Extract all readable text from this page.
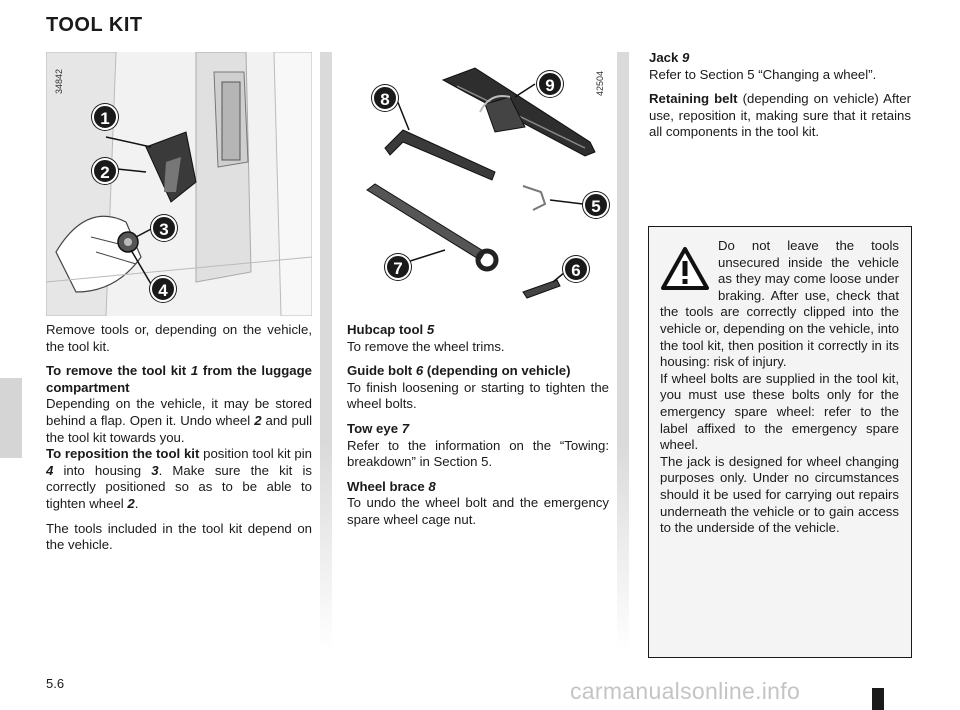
TOOL KIT
34842
1
2
3
4
42504
8
9
5
7	6

Remove tools or, depending on the vehicle, the tool kit.

To remove the tool kit 1 from the luggage compartment
Depending on the vehicle, it may be stored behind a flap. Open it. Undo wheel 2 and pull the tool kit towards you.
To reposition the tool kit position tool kit pin 4 into housing 3. Make sure the kit is correctly positioned so as to be able to tighten wheel 2.

The tools included in the tool kit depend on the vehicle.

Hubcap tool 5
To remove the wheel trims.

Guide bolt 6 (depending on vehicle)
To finish loosening or starting to tighten the wheel bolts.

Tow eye 7
Refer to the information on the “Towing: breakdown” in Section 5.

Wheel brace 8
To undo the wheel bolt and the emergency spare wheel cage nut.

Jack 9
Refer to Section 5 “Changing a wheel”.

Retaining belt (depending on vehicle) After use, reposition it, making sure that it retains all components in the tool kit.

Do not leave the tools unsecured inside the vehicle as they may come loose under braking. After use, check that the tools are correctly clipped into the vehicle or, depending on the vehicle, into the tool kit, then position it correctly in its housing: risk of injury.

If wheel bolts are supplied in the tool kit, you must use these bolts only for the emergency spare wheel: refer to the label affixed to the emergency spare wheel.

The jack is designed for wheel changing purposes only. Under no circumstances should it be used for carrying out repairs underneath the vehicle or to gain access to the underside of the vehicle.

5.6	carmanualsonline.info
